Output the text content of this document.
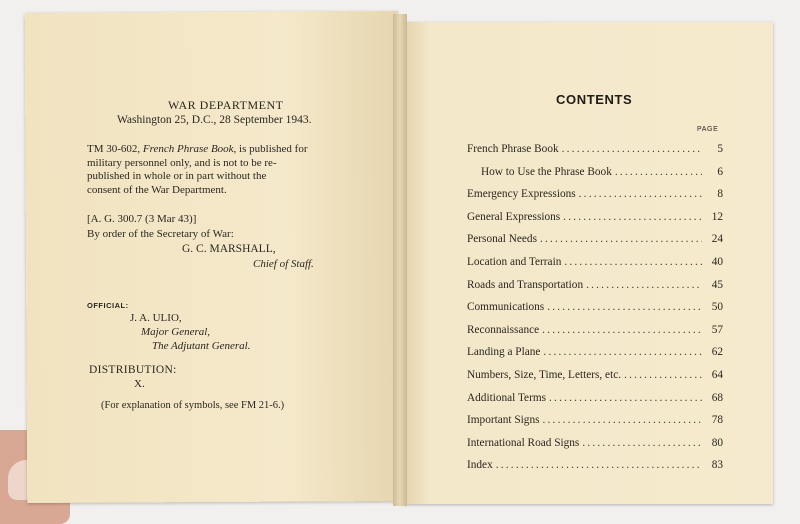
WAR DEPARTMENT
Washington 25, D.C., 28 September 1943.
TM 30-602, French Phrase Book, is published for
military personnel only, and is not to be re-
published in whole or in part without the
consent of the War Department.
[A. G. 300.7 (3 Mar 43)]
By order of the Secretary of War:
G. C. MARSHALL,
Chief of Staff.
OFFICIAL:
J. A. ULIO,
Major General,
The Adjutant General.
DISTRIBUTION:
X.
(For explanation of symbols, see FM 21-6.)
CONTENTS
PAGE
French Phrase Book .....	5
How to Use the Phrase Book .....	6
Emergency Expressions .....	8
General Expressions .....	12
Personal Needs .....	24
Location and Terrain .....	40
Roads and Transportation .....	45
Communications .....	50
Reconnaissance .....	57
Landing a Plane .....	62
Numbers, Size, Time, Letters, etc. .....	64
Additional Terms .....	68
Important Signs .....	78
International Road Signs .....	80
Index .....	83
